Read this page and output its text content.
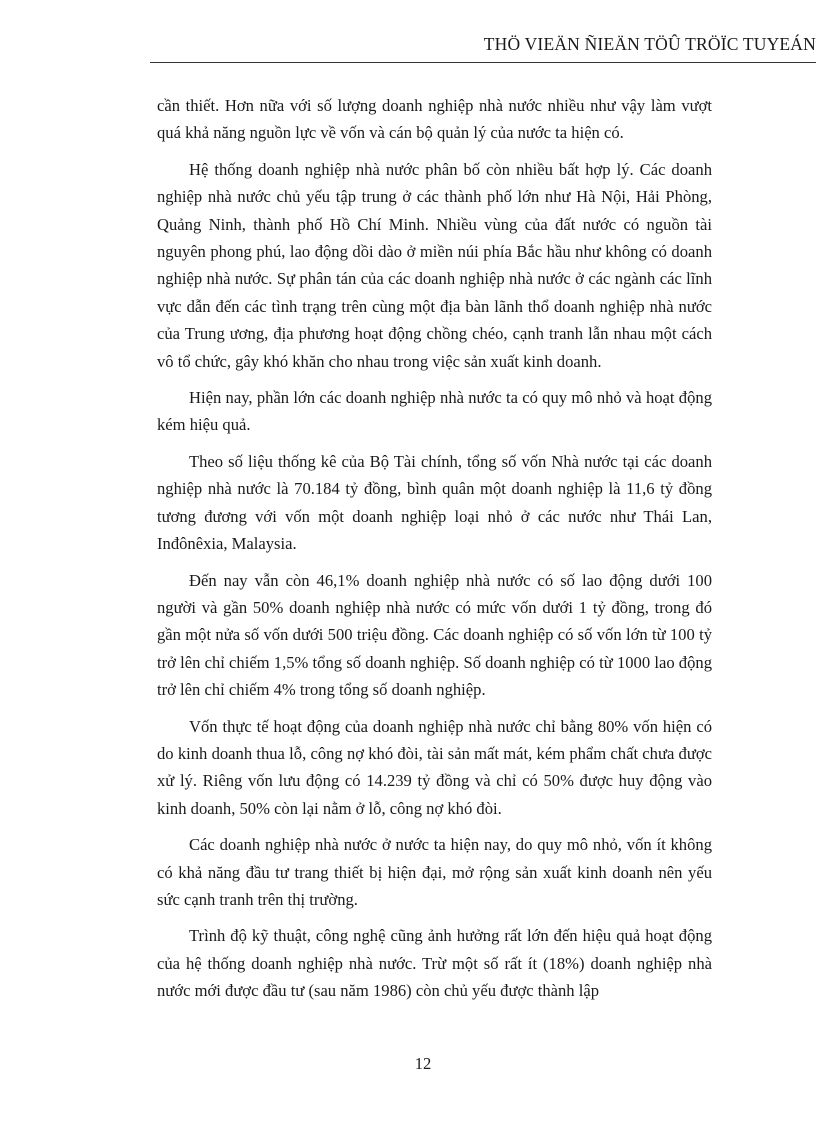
THÖ VIEÄN ÑIEÄN TÖÛ TRÖÏC TUYEÁN

cần thiết. Hơn nữa với số lượng doanh nghiệp nhà nước nhiều như vậy làm vượt quá khả năng nguồn lực về vốn và cán bộ quản lý của nước ta hiện có.

Hệ thống doanh nghiệp nhà nước phân bố còn nhiều bất hợp lý. Các doanh nghiệp nhà nước chủ yếu tập trung ở các thành phố lớn như Hà Nội, Hải Phòng, Quảng Ninh, thành phố Hồ Chí Minh. Nhiều vùng của đất nước có nguồn tài nguyên phong phú, lao động dồi dào ở miền núi phía Bắc hầu như không có doanh nghiệp nhà nước. Sự phân tán của các doanh nghiệp nhà nước ở các ngành các lĩnh vực dẫn đến các tình trạng trên cùng một địa bàn lãnh thổ doanh nghiệp nhà nước của Trung ương, địa phương hoạt động chồng chéo, cạnh tranh lẫn nhau một cách vô tổ chức, gây khó khăn cho nhau trong việc sản xuất kinh doanh.

Hiện nay, phần lớn các doanh nghiệp nhà nước ta có quy mô nhỏ và hoạt động kém hiệu quả.

Theo số liệu thống kê của Bộ Tài chính, tổng số vốn Nhà nước tại các doanh nghiệp nhà nước là 70.184 tỷ đồng, bình quân một doanh nghiệp là 11,6 tỷ đồng tương đương với vốn một doanh nghiệp loại nhỏ ở các nước như Thái Lan, Inđônêxia, Malaysia.

Đến nay vẫn còn 46,1% doanh nghiệp nhà nước có số lao động dưới 100 người và gần 50% doanh nghiệp nhà nước có mức vốn dưới 1 tỷ đồng, trong đó gần một nửa số vốn dưới 500 triệu đồng. Các doanh nghiệp có số vốn lớn từ 100 tỷ trở lên chỉ chiếm 1,5% tổng số doanh nghiệp. Số doanh nghiệp có từ 1000 lao động trở lên chỉ chiếm 4% trong tổng số doanh nghiệp.

Vốn thực tế hoạt động của doanh nghiệp nhà nước chỉ bằng 80% vốn hiện có do kinh doanh thua lỗ, công nợ khó đòi, tài sản mất mát, kém phẩm chất chưa được xử lý. Riêng vốn lưu động có 14.239 tỷ đồng và chỉ có 50% được huy động vào kinh doanh, 50% còn lại nằm ở lỗ, công nợ khó đòi.

Các doanh nghiệp nhà nước ở nước ta hiện nay, do quy mô nhỏ, vốn ít không có khả năng đầu tư trang thiết bị hiện đại, mở rộng sản xuất kinh doanh nên yếu sức cạnh tranh trên thị trường.

Trình độ kỹ thuật, công nghệ cũng ảnh hưởng rất lớn đến hiệu quả hoạt động của hệ thống doanh nghiệp nhà nước. Trừ một số rất ít (18%) doanh nghiệp nhà nước mới được đầu tư (sau năm 1986) còn chủ yếu được thành lập

12
